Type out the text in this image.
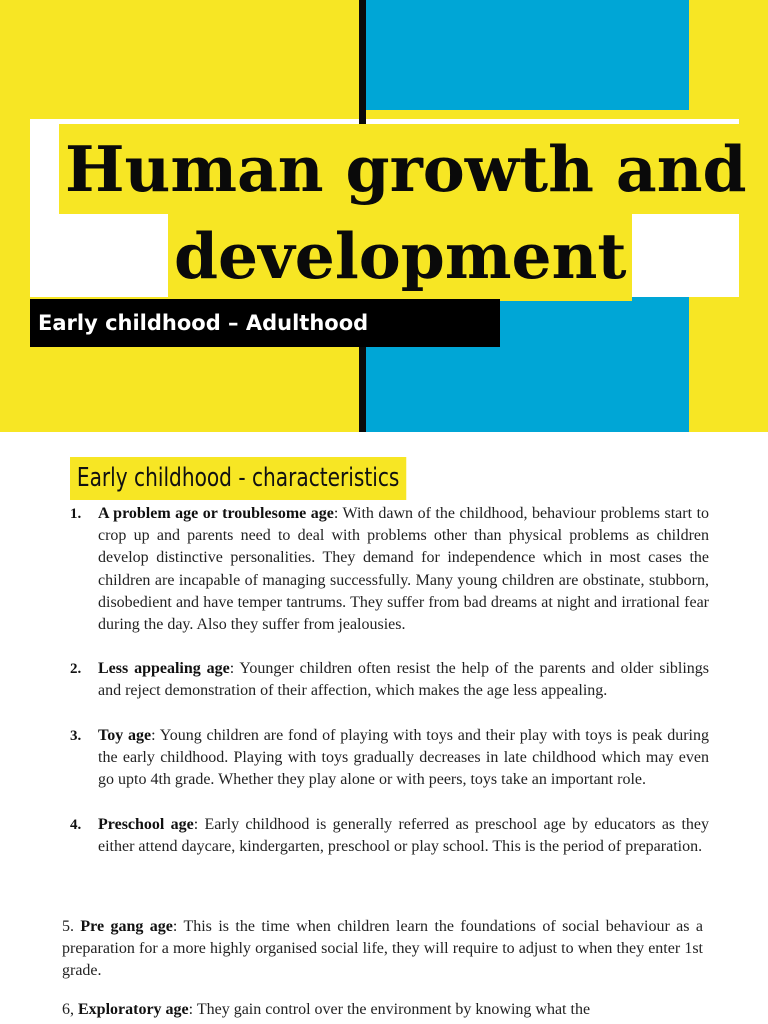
Human growth and
development
Early childhood – Adulthood
Early childhood - characteristics
1.	A problem age or troublesome age: With dawn of the childhood, behaviour problems start to crop up and parents need to deal with problems other than physical problems as children develop distinctive personalities. They demand for independence which in most cases the children are incapable of managing successfully. Many young children are obstinate, stubborn, disobedient and have temper tantrums. They suffer from bad dreams at night and irrational fear during the day. Also they suffer from jealousies.
2.	Less appealing age: Younger children often resist the help of the parents and older siblings and reject demonstration of their affection, which makes the age less appealing.
3.	Toy age: Young children are fond of playing with toys and their play with toys is peak during the early childhood. Playing with toys gradually decreases in late childhood which may even go upto 4th grade. Whether they play alone or with peers, toys take an important role.
4.	Preschool age: Early childhood is generally referred as preschool age by educators as they either attend daycare, kindergarten, preschool or play school. This is the period of preparation.
5. Pre gang age: This is the time when children learn the foundations of social behaviour as a preparation for a more highly organised social life, they will require to adjust to when they enter 1st grade.
6, Exploratory age: They gain control over the environment by knowing what the
